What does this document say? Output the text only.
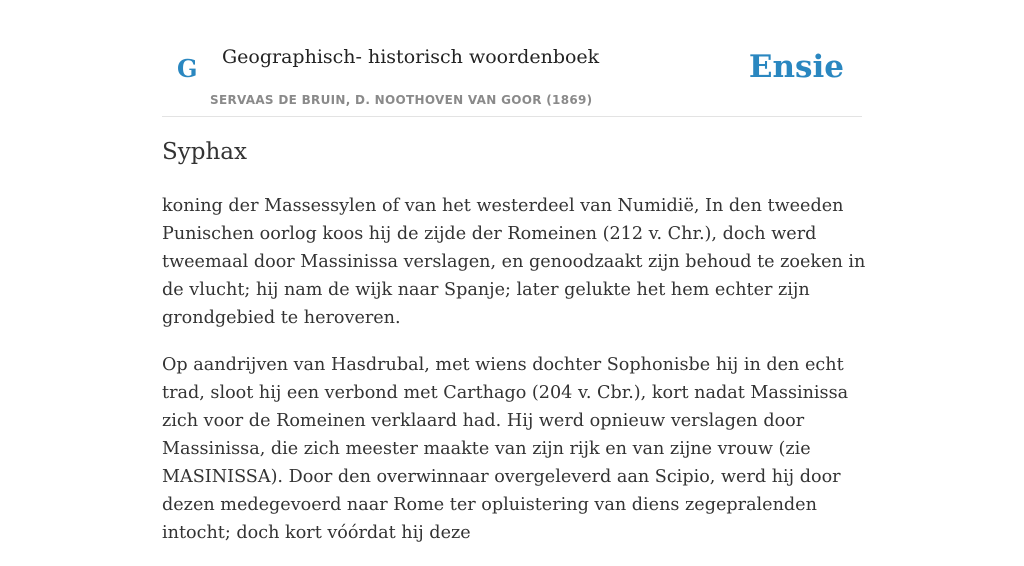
G Geographisch- historisch woordenboek
SERVAAS DE BRUIN, D. NOOTHOVEN VAN GOOR (1869)
Ensie
Syphax

koning der Massessylen of van het westerdeel van Numidië, In den tweeden Punischen oorlog koos hij de zijde der Romeinen (212 v. Chr.), doch werd tweemaal door Massinissa verslagen, en genoodzaakt zijn behoud te zoeken in de vlucht; hij nam de wijk naar Spanje; later gelukte het hem echter zijn grondgebied te heroveren.

Op aandrijven van Hasdrubal, met wiens dochter Sophonisbe hij in den echt trad, sloot hij een verbond met Carthago (204 v. Cbr.), kort nadat Massinissa zich voor de Romeinen verklaard had. Hij werd opnieuw verslagen door Massinissa, die zich meester maakte van zijn rijk en van zijne vrouw (zie MASINISSA). Door den overwinnaar overgeleverd aan Scipio, werd hij door dezen medegevoerd naar Rome ter opluistering van diens zegepralenden intocht; doch kort vóórdat hij deze
